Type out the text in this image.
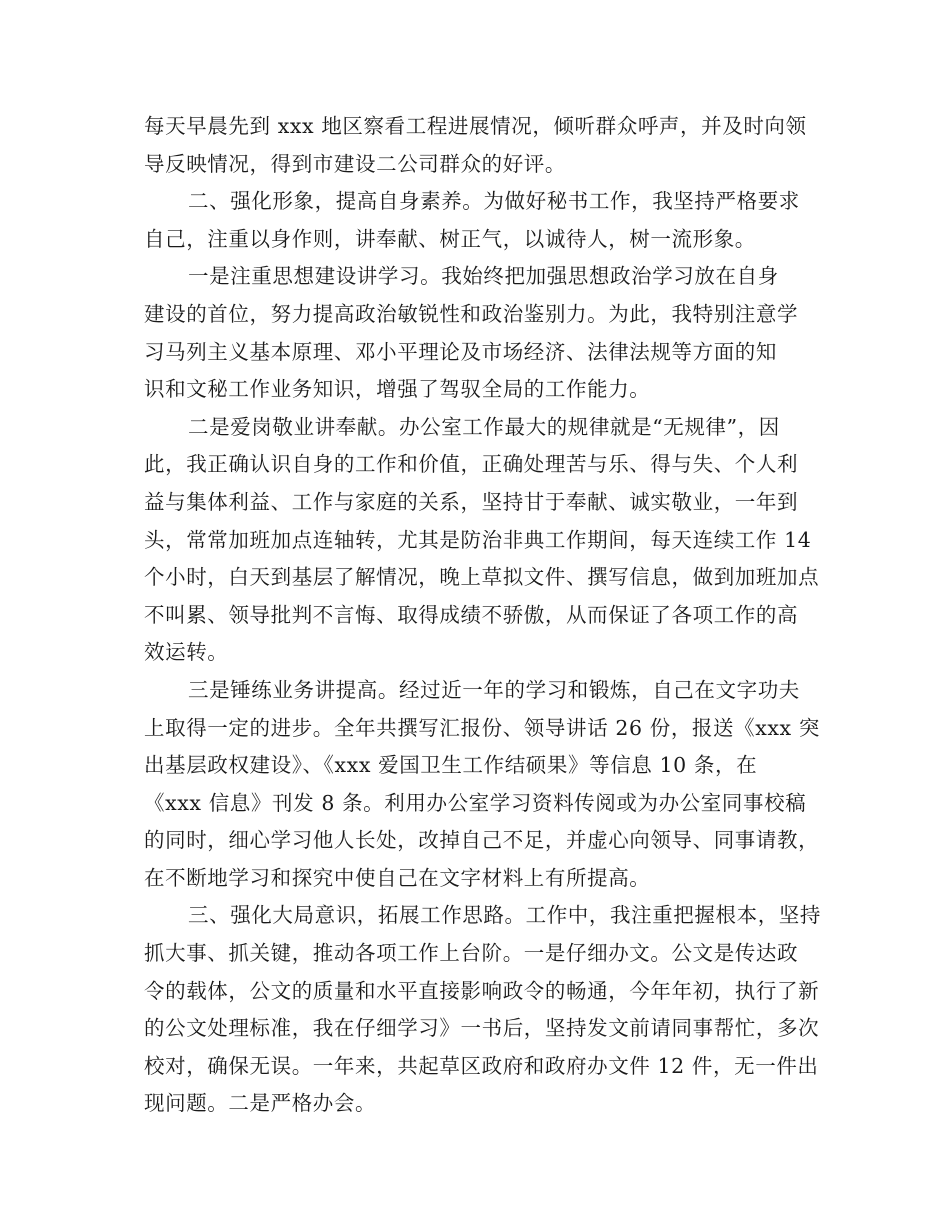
每天早晨先到 xxx 地区察看工程进展情况，倾听群众呼声，并及时向领
导反映情况，得到市建设二公司群众的好评。
二、强化形象，提高自身素养。为做好秘书工作，我坚持严格要求
自己，注重以身作则，讲奉献、树正气，以诚待人，树一流形象。
一是注重思想建设讲学习。我始终把加强思想政治学习放在自身
建设的首位，努力提高政治敏锐性和政治鉴别力。为此，我特别注意学
习马列主义基本原理、邓小平理论及市场经济、法律法规等方面的知
识和文秘工作业务知识，增强了驾驭全局的工作能力。
二是爱岗敬业讲奉献。办公室工作最大的规律就是“无规律”，因
此，我正确认识自身的工作和价值，正确处理苦与乐、得与失、个人利
益与集体利益、工作与家庭的关系，坚持甘于奉献、诚实敬业，一年到
头，常常加班加点连轴转，尤其是防治非典工作期间，每天连续工作 14
个小时，白天到基层了解情况，晚上草拟文件、撰写信息，做到加班加点
不叫累、领导批判不言悔、取得成绩不骄傲，从而保证了各项工作的高
效运转。
三是锤练业务讲提高。经过近一年的学习和锻炼，自己在文字功夫
上取得一定的进步。全年共撰写汇报份、领导讲话 26 份，报送《xxx 突
出基层政权建设》、《xxx 爱国卫生工作结硕果》等信息 10 条，在
《xxx 信息》刊发 8 条。利用办公室学习资料传阅或为办公室同事校稿
的同时，细心学习他人长处，改掉自己不足，并虚心向领导、同事请教，
在不断地学习和探究中使自己在文字材料上有所提高。
三、强化大局意识，拓展工作思路。工作中，我注重把握根本，坚持
抓大事、抓关键，推动各项工作上台阶。一是仔细办文。公文是传达政
令的载体，公文的质量和水平直接影响政令的畅通，今年年初，执行了新
的公文处理标准，我在仔细学习》一书后，坚持发文前请同事帮忙，多次
校对，确保无误。一年来，共起草区政府和政府办文件 12 件，无一件出
现问题。二是严格办会。
